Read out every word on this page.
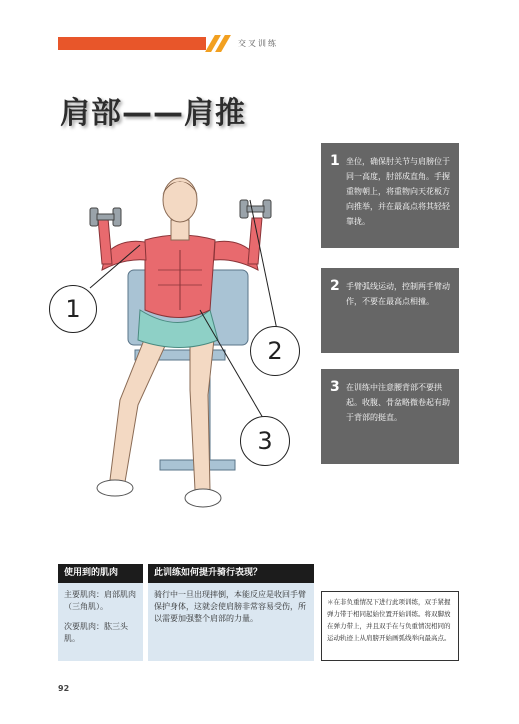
交叉训练
肩部——肩推
1
2
3
1 坐位，确保肘关节与肩膀位于同一高度，肘部成直角。手握重物朝上，将重物向天花板方向推举，并在最高点将其轻轻靠拢。
2 手臂弧线运动，控制两手臂动作，不要在最高点相撞。
3 在训练中注意腰背部不要拱起。收腹、骨盆略微卷起有助于背部的挺直。
使用到的肌肉
主要肌肉：肩部肌肉（三角肌）。
次要肌肉：肱三头肌。
此训练如何提升骑行表现？
骑行中一旦出现摔倒，本能反应是收回手臂保护身体，这就会使肩膀非常容易受伤，所以需要加强整个肩部的力量。
＊在非负重情况下进行此项训练，双手紧握弹力带于相同起始位置开始训练。将双脚放在弹力带上，并且双手在与负重情况相同的运动轨迹上从肩膀开始画弧线举向最高点。
92
